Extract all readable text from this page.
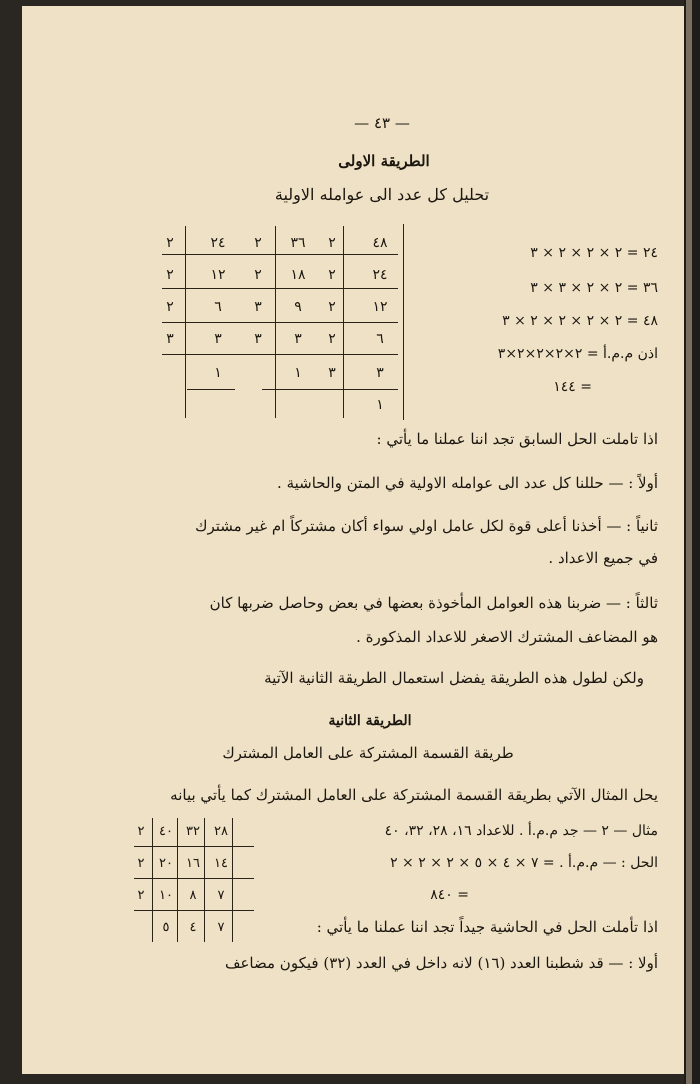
— ٤٣ —
الطريقة الاولى
تحليل كل عدد الى عوامله الاولية
٢٤ = ٢ × ٢ × ٢ × ٣
٣٦ = ٢ × ٢ × ٣ × ٣
٤٨ = ٢ × ٢ × ٢ × ٢ × ٣
اذن م.م.أ = ٢×٢×٢×٢×٣
= ١٤٤
٤٨
٢
٢٤
٢
١٢
٢
٦
٢
٣
٣
١
٣٦
٢
١٨
٢
٩
٣
٣
٣
١
٢٤
٢
١٢
٢
٦
٢
٣
٣
١
اذا تاملت الحل السابق تجد اننا عملنا ما يأتي :
أولاً : — حللنا كل عدد الى عوامله الاولية في المتن والحاشية .
ثانياً : — أخذنا أعلى قوة لكل عامل اولي سواء أكان مشتركاً ام غير مشترك
في جميع الاعداد .
ثالثاً : — ضربنا هذه العوامل المأخوذة بعضها في بعض وحاصل ضربها كان
هو المضاعف المشترك الاصغر للاعداد المذكورة .
ولكن لطول هذه الطريقة يفضل استعمال الطريقة الثانية الآتية
الطريقة الثانية
طريقة القسمة المشتركة على العامل المشترك
يحل المثال الآتي بطريقة القسمة المشتركة على العامل المشترك كما يأتي بيانه
مثال — ٢ — جد م.م.أ . للاعداد ١٦، ٢٨، ٣٢، ٤٠
الحل : — م.م.أ . = ٧ × ٤ × ٥ × ٢ × ٢ × ٢
= ٨٤٠
٢٨
٣٢
٤٠
٢
١٤
١٦
٢٠
٢
٧
٨
١٠
٢
٧
٤
٥	اذا تأملت الحل في الحاشية جيداً تجد اننا عملنا ما يأتي :
أولا : — قد شطبنا العدد (١٦) لانه داخل في العدد (٣٢) فيكون مضاعف
